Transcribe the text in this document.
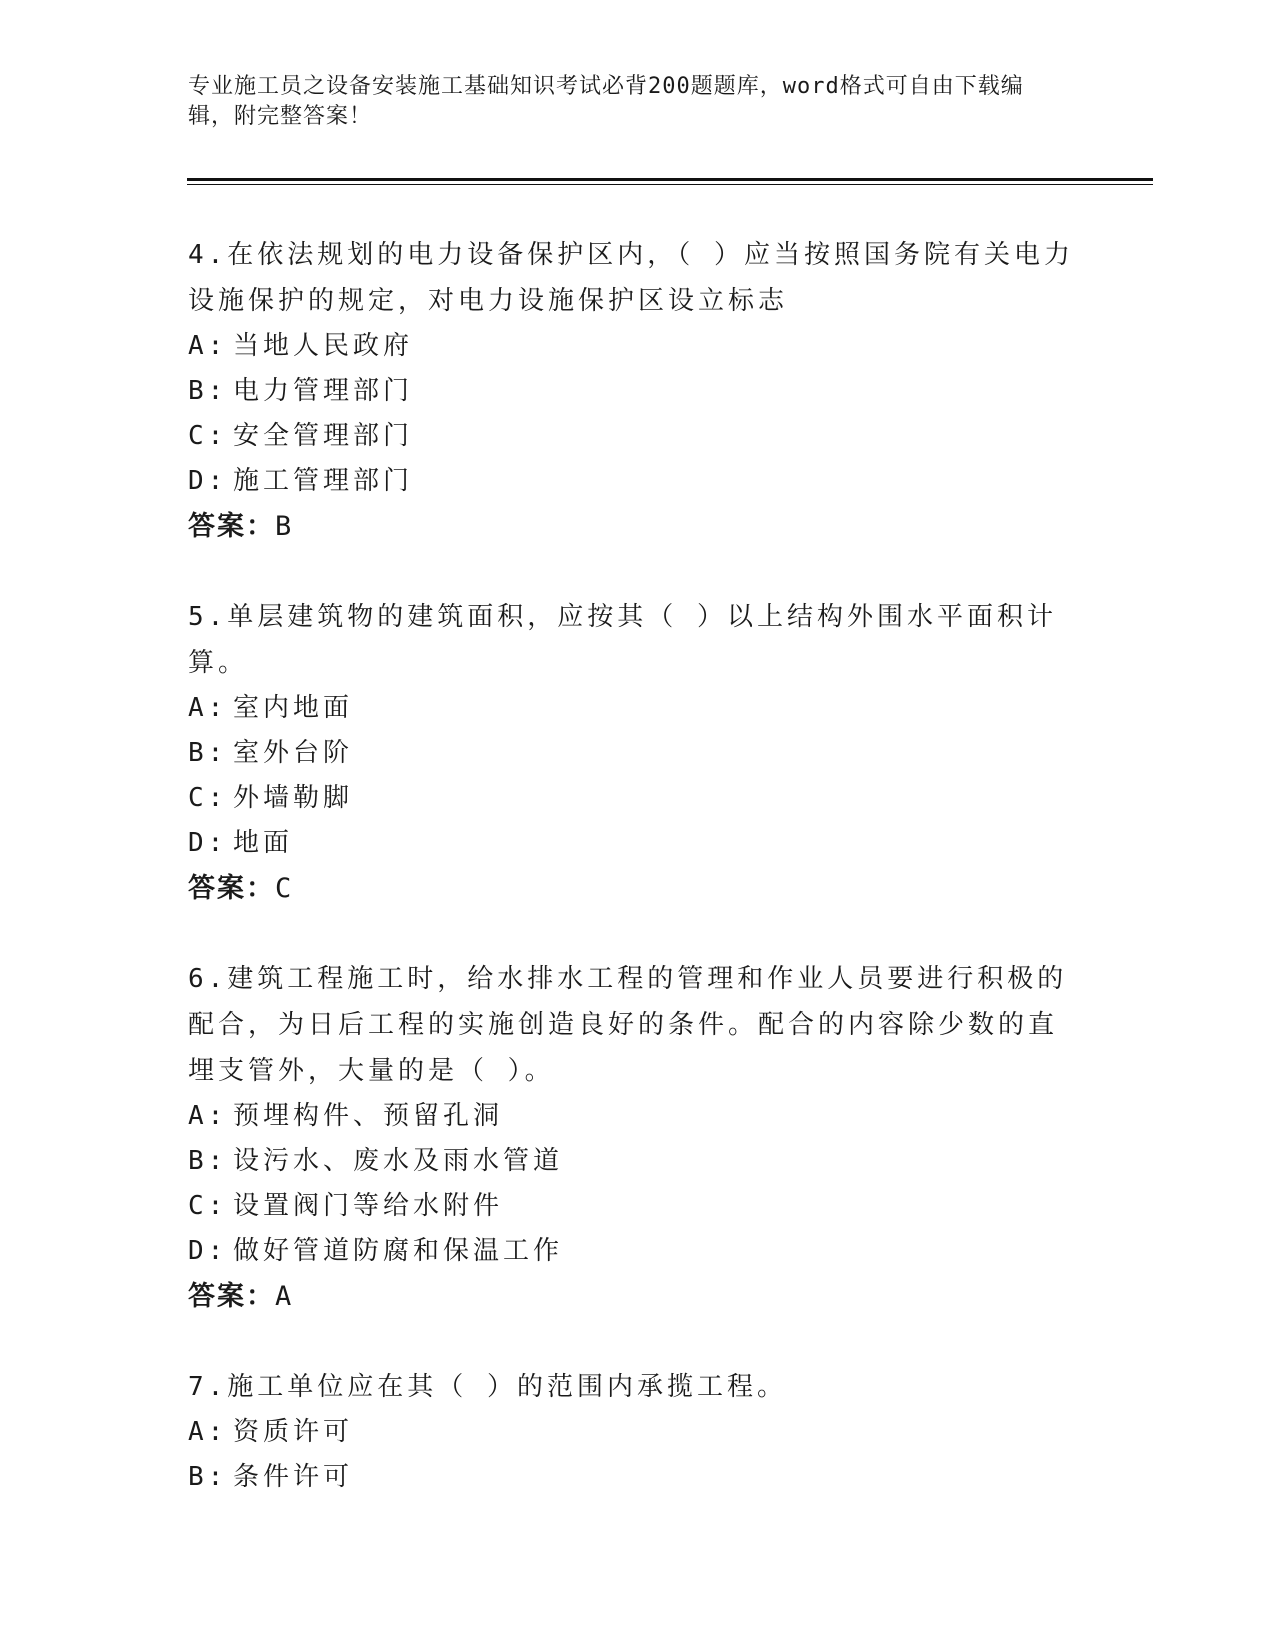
专业施工员之设备安装施工基础知识考试必背200题题库，word格式可自由下载编辑，附完整答案！
4.在依法规划的电力设备保护区内，（ ）应当按照国务院有关电力设施保护的规定，对电力设施保护区设立标志
A: 当地人民政府
B: 电力管理部门
C: 安全管理部门
D: 施工管理部门
答案：B
5.单层建筑物的建筑面积，应按其（ ）以上结构外围水平面积计算。
A: 室内地面
B: 室外台阶
C: 外墙勒脚
D: 地面
答案：C
6.建筑工程施工时，给水排水工程的管理和作业人员要进行积极的配合，为日后工程的实施创造良好的条件。配合的内容除少数的直埋支管外，大量的是（ ）。
A: 预埋构件、预留孔洞
B: 设污水、废水及雨水管道
C: 设置阀门等给水附件
D: 做好管道防腐和保温工作
答案：A
7.施工单位应在其（ ）的范围内承揽工程。
A: 资质许可
B: 条件许可
